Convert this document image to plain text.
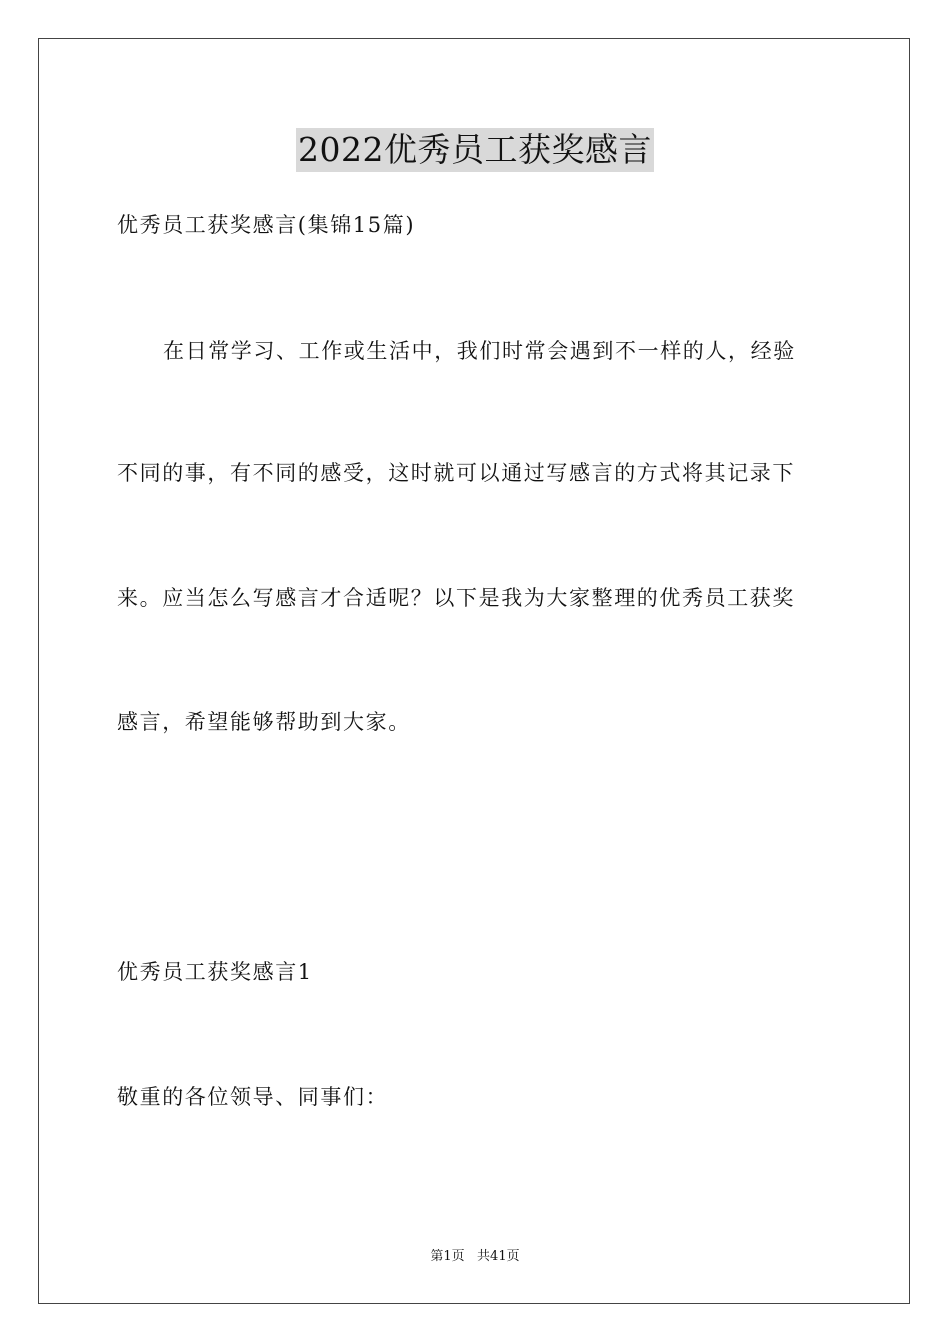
2022优秀员工获奖感言
优秀员工获奖感言(集锦15篇)
在日常学习、工作或生活中，我们时常会遇到不一样的人，经验
不同的事，有不同的感受，这时就可以通过写感言的方式将其记录下
来。应当怎么写感言才合适呢？以下是我为大家整理的优秀员工获奖
感言，希望能够帮助到大家。
优秀员工获奖感言1
敬重的各位领导、同事们：
第1页   共41页
